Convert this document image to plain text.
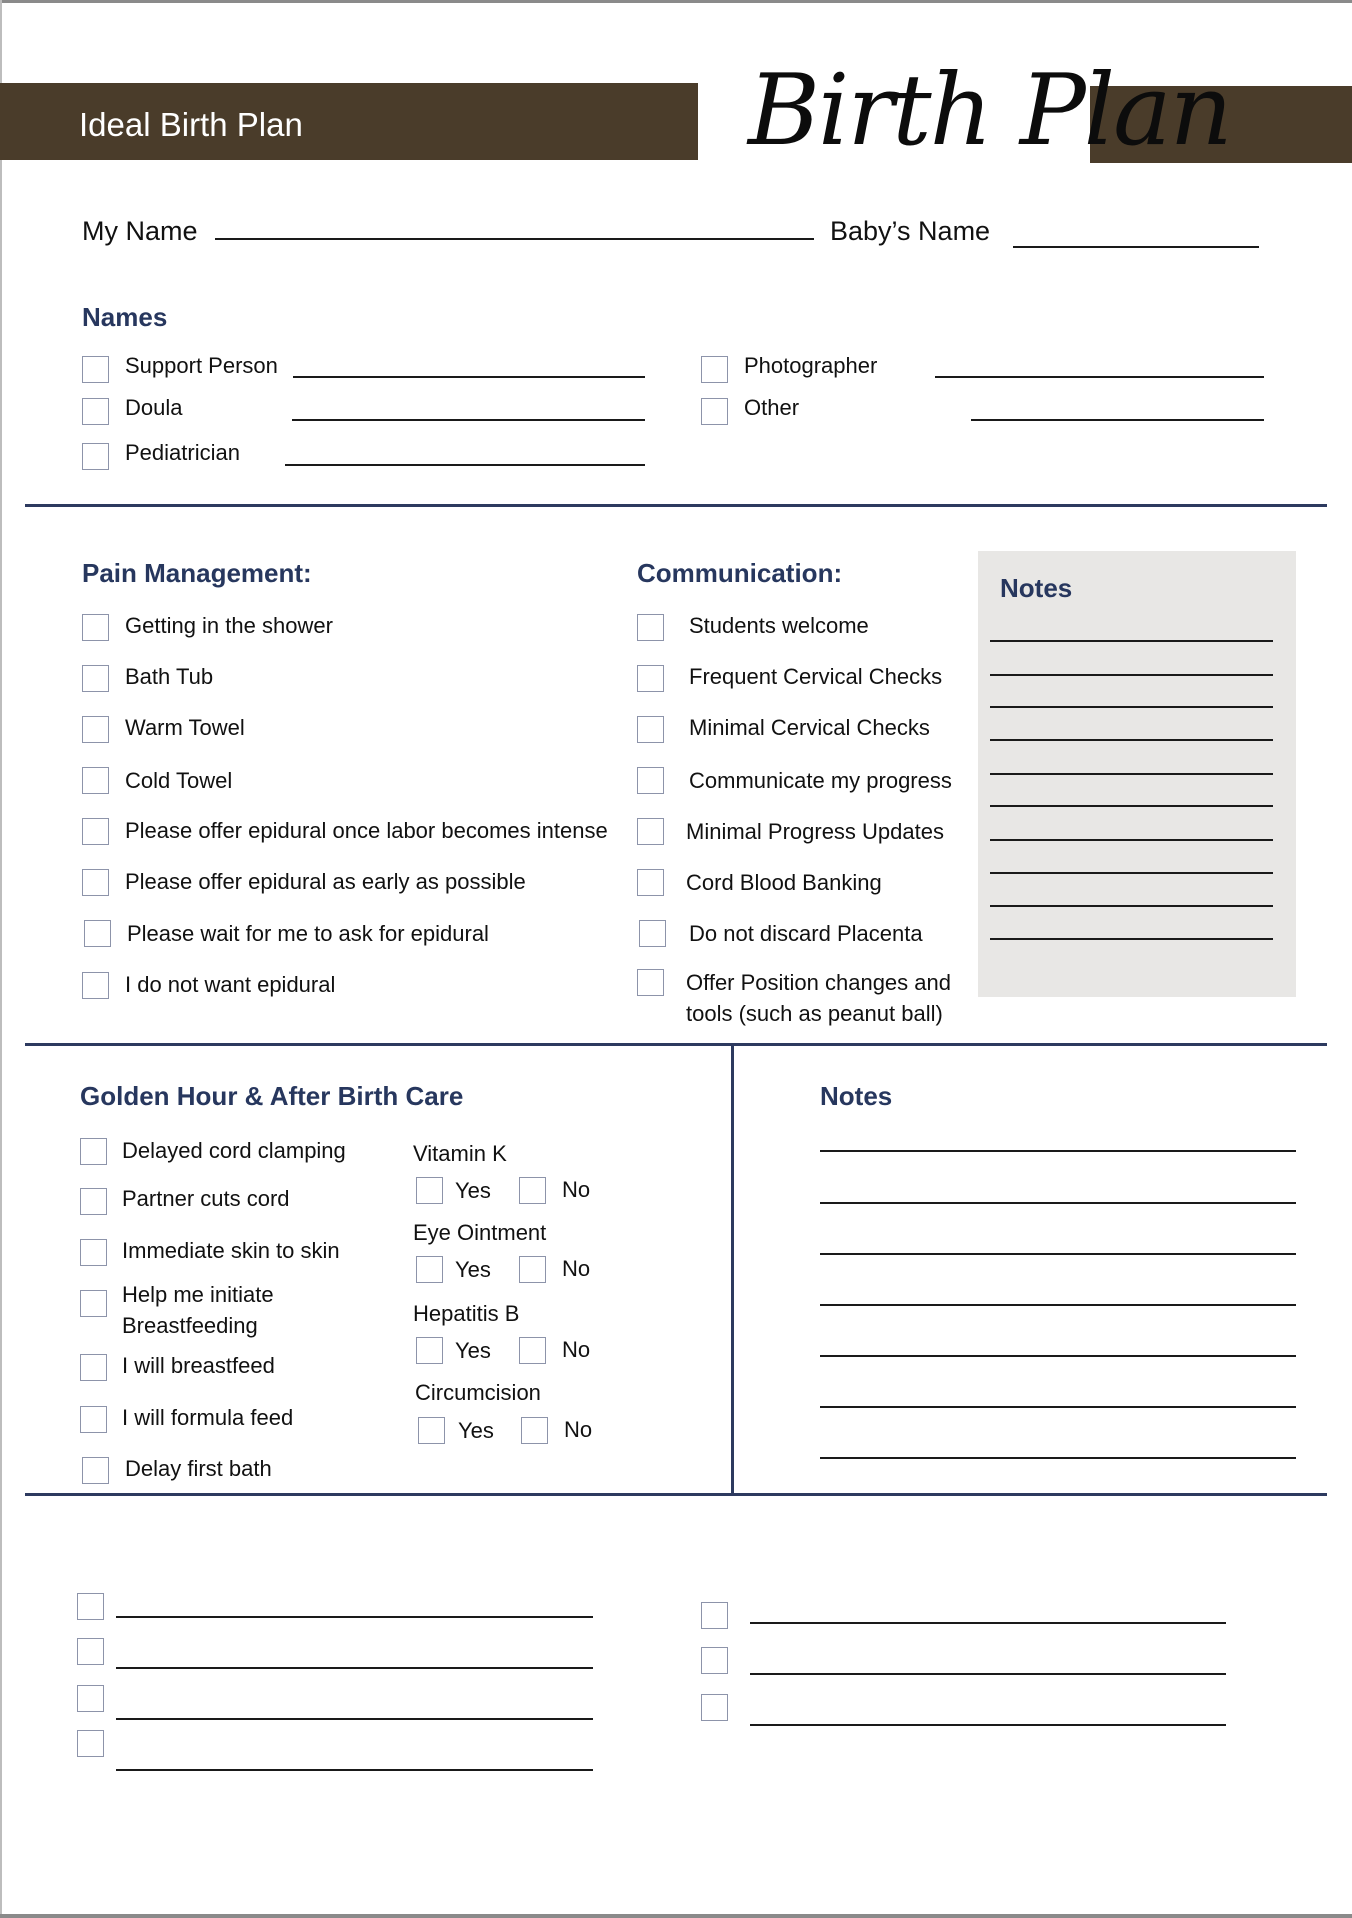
Ideal Birth Plan	Birth Plan
My Name	Baby’s Name
Names
Support Person
Doula
Pediatrician
Photographer
Other
Pain Management:
Getting in the shower
Bath Tub
Warm Towel
Cold Towel
Please offer epidural once labor becomes intense
Please offer epidural as early as possible
Please wait for me to ask for epidural
I do not want epidural
Communication:
Students welcome
Frequent Cervical Checks
Minimal Cervical Checks
Communicate my progress
Minimal Progress Updates
Cord Blood Banking
Do not discard Placenta
Offer Position changes and
tools (such as peanut ball)
Notes
Golden Hour & After Birth Care
Delayed cord clamping
Partner cuts cord
Immediate skin to skin
Help me initiate
Breastfeeding
I will breastfeed
I will formula feed
Delay first bath
Vitamin K
Yes	No
Eye Ointment
Yes	No
Hepatitis B
Yes	No
Circumcision
Yes	No
Notes
